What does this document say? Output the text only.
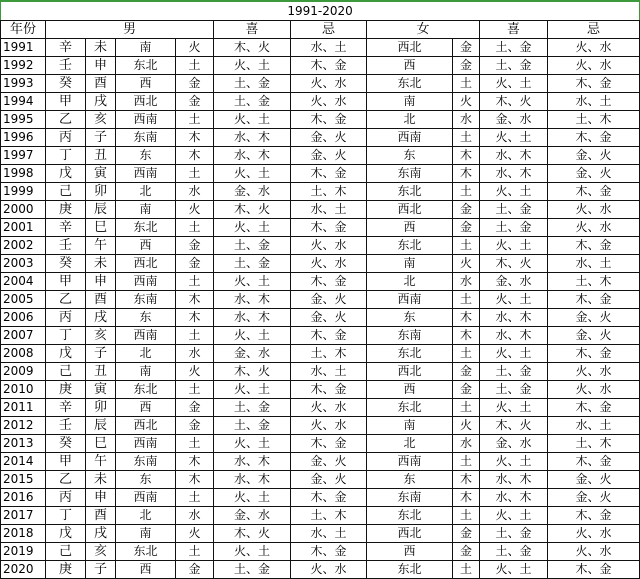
1991-2020										
年份	男				喜	忌	女		喜	忌
1991	辛	未	南	火	木、火	水、土	西北	金	土、金	火、水
1992	壬	申	东北	土	火、土	木、金	西	金	土、金	火、水
1993	癸	酉	西	金	土、金	火、水	东北	土	火、土	木、金
1994	甲	戌	西北	金	土、金	火、水	南	火	木、火	水、土
1995	乙	亥	西南	土	火、土	木、金	北	水	金、水	土、木
1996	丙	子	东南	木	水、木	金、火	西南	土	火、土	木、金
1997	丁	丑	东	木	水、木	金、火	东	木	水、木	金、火
1998	戊	寅	西南	土	火、土	木、金	东南	木	水、木	金、火
1999	己	卯	北	水	金、水	土、木	东北	土	火、土	木、金
2000	庚	辰	南	火	木、火	水、土	西北	金	土、金	火、水
2001	辛	巳	东北	土	火、土	木、金	西	金	土、金	火、水
2002	壬	午	西	金	土、金	火、水	东北	土	火、土	木、金
2003	癸	未	西北	金	土、金	火、水	南	火	木、火	水、土
2004	甲	申	西南	土	火、土	木、金	北	水	金、水	土、木
2005	乙	酉	东南	木	水、木	金、火	西南	土	火、土	木、金
2006	丙	戌	东	木	水、木	金、火	东	木	水、木	金、火
2007	丁	亥	西南	土	火、土	木、金	东南	木	水、木	金、火
2008	戊	子	北	水	金、水	土、木	东北	土	火、土	木、金
2009	己	丑	南	火	木、火	水、土	西北	金	土、金	火、水
2010	庚	寅	东北	土	火、土	木、金	西	金	土、金	火、水
2011	辛	卯	西	金	土、金	火、水	东北	土	火、土	木、金
2012	壬	辰	西北	金	土、金	火、水	南	火	木、火	水、土
2013	癸	巳	西南	土	火、土	木、金	北	水	金、水	土、木
2014	甲	午	东南	木	水、木	金、火	西南	土	火、土	木、金
2015	乙	未	东	木	水、木	金、火	东	木	水、木	金、火
2016	丙	申	西南	土	火、土	木、金	东南	木	水、木	金、火
2017	丁	酉	北	水	金、水	土、木	东北	土	火、土	木、金
2018	戊	戌	南	火	木、火	水、土	西北	金	土、金	火、水
2019	己	亥	东北	土	火、土	木、金	西	金	土、金	火、水
2020	庚	子	西	金	土、金	火、水	东北	土	火、土	木、金
